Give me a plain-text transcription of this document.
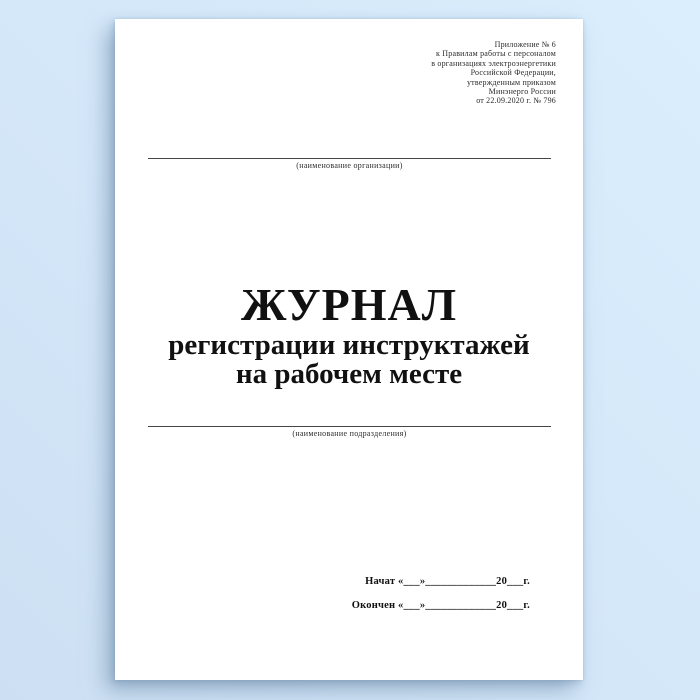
Приложение № 6
к Правилам работы с персоналом
в организациях электроэнергетики
Российской Федерации,
утвержденным приказом
Минэнерго России
от 22.09.2020 г. № 796
(наименование организации)
ЖУРНАЛ
регистрации инструктажей
на рабочем месте
(наименование подразделения)
Начат «___»_____________20___г.
Окончен «___»_____________20___г.
